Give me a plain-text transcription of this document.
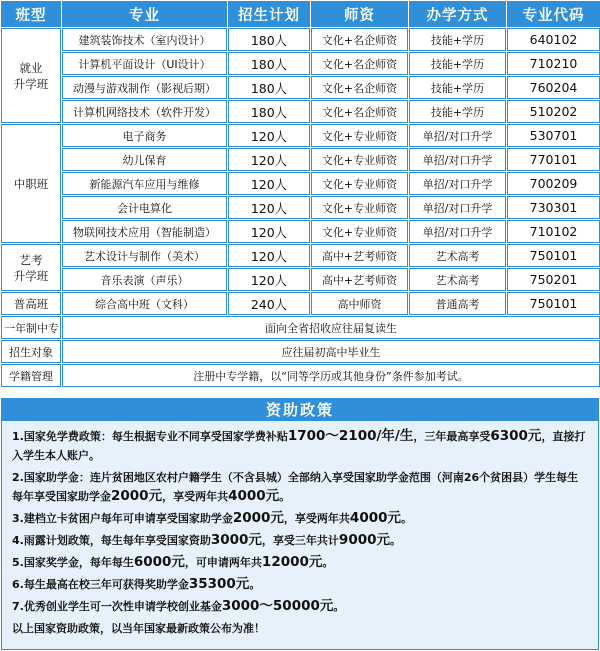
班型	专业	招生计划	师资	办学方式	专业代码

就业
升学班	建筑装饰技术（室内设计）	180人	文化+名企师资	技能+学历	640102
	计算机平面设计（UI设计）	180人	文化+名企师资	技能+学历	710210
	动漫与游戏制作（影视后期）	180人	文化+名企师资	技能+学历	760204
	计算机网络技术（软件开发）	180人	文化+名企师资	技能+学历	510202

中职班	电子商务	120人	文化+专业师资	单招/对口升学	530701
	幼儿保育	120人	文化+专业师资	单招/对口升学	770101
	新能源汽车应用与维修	120人	文化+专业师资	单招/对口升学	700209
	会计电算化	120人	文化+专业师资	单招/对口升学	730301
	物联网技术应用（智能制造）	120人	文化+专业师资	单招/对口升学	710102

艺考
升学班	艺术设计与制作（美术）	120人	高中+艺考师资	艺术高考	750101
	音乐表演（声乐）	120人	高中+艺考师资	艺术高考	750201

普高班	综合高中班（文科）	240人	高中师资	普通高考	750101
一年制中专	面向全省招收应往届复读生				
招生对象	应往届初高中毕业生				
学籍管理	注册中专学籍，以“同等学历或其他身份”条件参加考试。				
资助政策
1.国家免学费政策：每生根据专业不同享受国家学费补贴1700～2100/年/生，三年最高享受6300元，直接打入学生本人账户。
2.国家助学金：连片贫困地区农村户籍学生（不含县城）全部纳入享受国家助学金范围（河南26个贫困县）学生每生每年享受国家助学金2000元，享受两年共4000元。
3.建档立卡贫困户每年可申请享受国家助学金2000元，享受两年共4000元。
4.雨露计划政策，每生每年享受国家资助3000元，享受三年共计9000元。
5.国家奖学金，每年每生6000元，可申请两年共12000元。
6.每生最高在校三年可获得奖助学金35300元。
7.优秀创业学生可一次性申请学校创业基金3000～50000元。
以上国家资助政策，以当年国家最新政策公布为准！
